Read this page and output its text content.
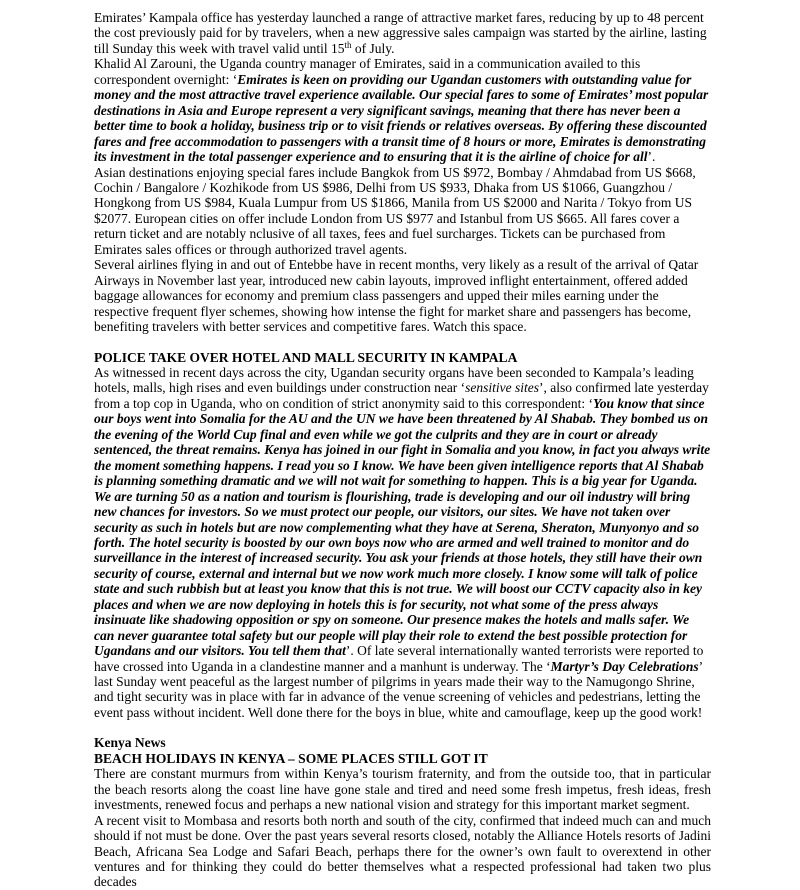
Emirates’ Kampala office has yesterday launched a range of attractive market fares, reducing by up to 48 percent the cost previously paid for by travelers, when a new aggressive sales campaign was started by the airline, lasting till Sunday this week with travel valid until 15th of July.

Khalid Al Zarouni, the Uganda country manager of Emirates, said in a communication availed to this correspondent overnight: ‘Emirates is keen on providing our Ugandan customers with outstanding value for money and the most attractive travel experience available. Our special fares to some of Emirates’ most popular destinations in Asia and Europe represent a very significant savings, meaning that there has never been a better time to book a holiday, business trip or to visit friends or relatives overseas. By offering these discounted fares and free accommodation to passengers with a transit time of 8 hours or more, Emirates is demonstrating its investment in the total passenger experience and to ensuring that it is the airline of choice for all’.

Asian destinations enjoying special fares include Bangkok from US $972, Bombay / Ahmdabad from US $668, Cochin / Bangalore / Kozhikode from US $986, Delhi from US $933, Dhaka from US $1066, Guangzhou / Hongkong from US $984, Kuala Lumpur from US $1866, Manila from US $2000 and Narita / Tokyo from US $2077. European cities on offer include London from US $977 and Istanbul from US $665. All fares cover a return ticket and are notably nclusive of all taxes, fees and fuel surcharges. Tickets can be purchased from Emirates sales offices or through authorized travel agents.

Several airlines flying in and out of Entebbe have in recent months, very likely as a result of the arrival of Qatar Airways in November last year, introduced new cabin layouts, improved inflight entertainment, offered added baggage allowances for economy and premium class passengers and upped their miles earning under the respective frequent flyer schemes, showing how intense the fight for market share and passengers has become, benefiting travelers with better services and competitive fares. Watch this space.

POLICE TAKE OVER HOTEL AND MALL SECURITY IN KAMPALA

As witnessed in recent days across the city, Ugandan security organs have been seconded to Kampala’s leading hotels, malls, high rises and even buildings under construction near ‘sensitive sites’, also confirmed late yesterday from a top cop in Uganda, who on condition of strict anonymity said to this correspondent: ‘You know that since our boys went into Somalia for the AU and the UN we have been threatened by Al Shabab. They bombed us on the evening of the World Cup final and even while we got the culprits and they are in court or already sentenced, the threat remains. Kenya has joined in our fight in Somalia and you know, in fact you always write the moment something happens. I read you so I know. We have been given intelligence reports that Al Shabab is planning something dramatic and we will not wait for something to happen. This is a big year for Uganda. We are turning 50 as a nation and tourism is flourishing, trade is developing and our oil industry will bring new chances for investors. So we must protect our people, our visitors, our sites. We have not taken over security as such in hotels but are now complementing what they have at Serena, Sheraton, Munyonyo and so forth. The hotel security is boosted by our own boys now who are armed and well trained to monitor and do surveillance in the interest of increased security. You ask your friends at those hotels, they still have their own security of course, external and internal but we now work much more closely. I know some will talk of police state and such rubbish but at least you know that this is not true. We will boost our CCTV capacity also in key places and when we are now deploying in hotels this is for security, not what some of the press always insinuate like shadowing opposition or spy on someone. Our presence makes the hotels and malls safer. We can never guarantee total safety but our people will play their role to extend the best possible protection for Ugandans and our visitors. You tell them that’. Of late several internationally wanted terrorists were reported to have crossed into Uganda in a clandestine manner and a manhunt is underway. The ‘Martyr’s Day Celebrations’ last Sunday went peaceful as the largest number of pilgrims in years made their way to the Namugongo Shrine, and tight security was in place with far in advance of the venue screening of vehicles and pedestrians, letting the event pass without incident. Well done there for the boys in blue, white and camouflage, keep up the good work!

Kenya News

BEACH HOLIDAYS IN KENYA – SOME PLACES STILL GOT IT

There are constant murmurs from within Kenya’s tourism fraternity, and from the outside too, that in particular the beach resorts along the coast line have gone stale and tired and need some fresh impetus, fresh ideas, fresh investments, renewed focus and perhaps a new national vision and strategy for this important market segment.

A recent visit to Mombasa and resorts both north and south of the city, confirmed that indeed much can and much should if not must be done. Over the past years several resorts closed, notably the Alliance Hotels resorts of Jadini Beach, Africana Sea Lodge and Safari Beach, perhaps there for the owner’s own fault to overextend in other ventures and for thinking they could do better themselves what a respected professional had taken two plus decades
